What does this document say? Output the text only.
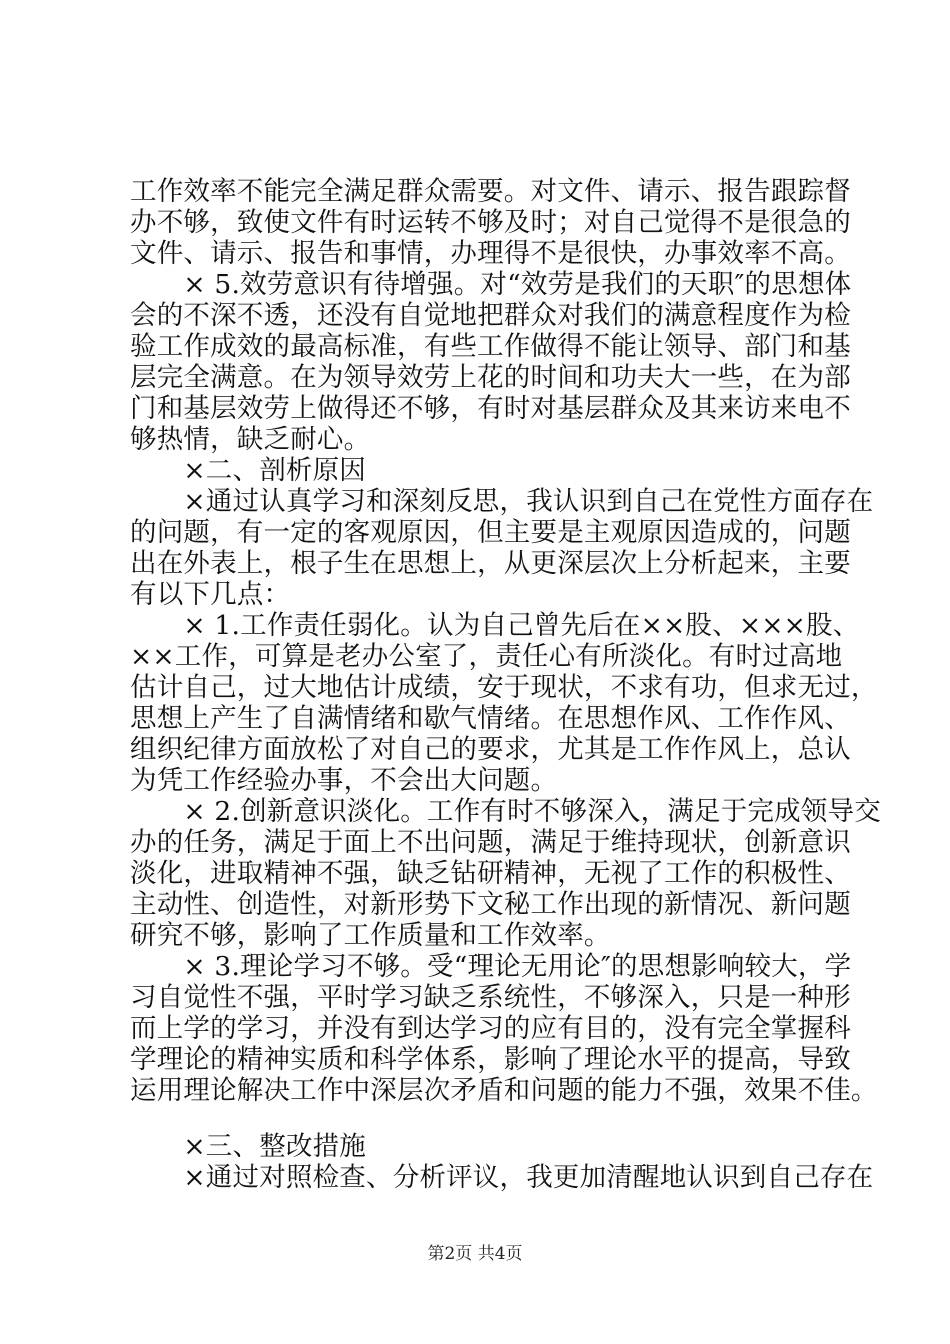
工作效率不能完全满足群众需要。对文件、请示、报告跟踪督
办不够，致使文件有时运转不够及时；对自己觉得不是很急的
文件、请示、报告和事情，办理得不是很快，办事效率不高。
　　× 5.效劳意识有待增强。对“效劳是我们的天职″的思想体
会的不深不透，还没有自觉地把群众对我们的满意程度作为检
验工作成效的最高标准，有些工作做得不能让领导、部门和基
层完全满意。在为领导效劳上花的时间和功夫大一些，在为部
门和基层效劳上做得还不够，有时对基层群众及其来访来电不
够热情，缺乏耐心。
　　×二、剖析原因
　　×通过认真学习和深刻反思，我认识到自己在党性方面存在
的问题，有一定的客观原因，但主要是主观原因造成的，问题
出在外表上，根子生在思想上，从更深层次上分析起来，主要
有以下几点：
　　× 1.工作责任弱化。认为自己曾先后在××股、×××股、
××工作，可算是老办公室了，责任心有所淡化。有时过高地
估计自己，过大地估计成绩，安于现状，不求有功，但求无过，
思想上产生了自满情绪和歇气情绪。在思想作风、工作作风、
组织纪律方面放松了对自己的要求，尤其是工作作风上，总认
为凭工作经验办事，不会出大问题。
　　× 2.创新意识淡化。工作有时不够深入，满足于完成领导交
办的任务，满足于面上不出问题，满足于维持现状，创新意识
淡化，进取精神不强，缺乏钻研精神，无视了工作的积极性、
主动性、创造性，对新形势下文秘工作出现的新情况、新问题
研究不够，影响了工作质量和工作效率。
　　× 3.理论学习不够。受“理论无用论″的思想影响较大，学
习自觉性不强，平时学习缺乏系统性，不够深入，只是一种形
而上学的学习，并没有到达学习的应有目的，没有完全掌握科
学理论的精神实质和科学体系，影响了理论水平的提高，导致
运用理论解决工作中深层次矛盾和问题的能力不强，效果不佳。
　　×三、整改措施
　　×通过对照检查、分析评议，我更加清醒地认识到自己存在
第2页 共4页
